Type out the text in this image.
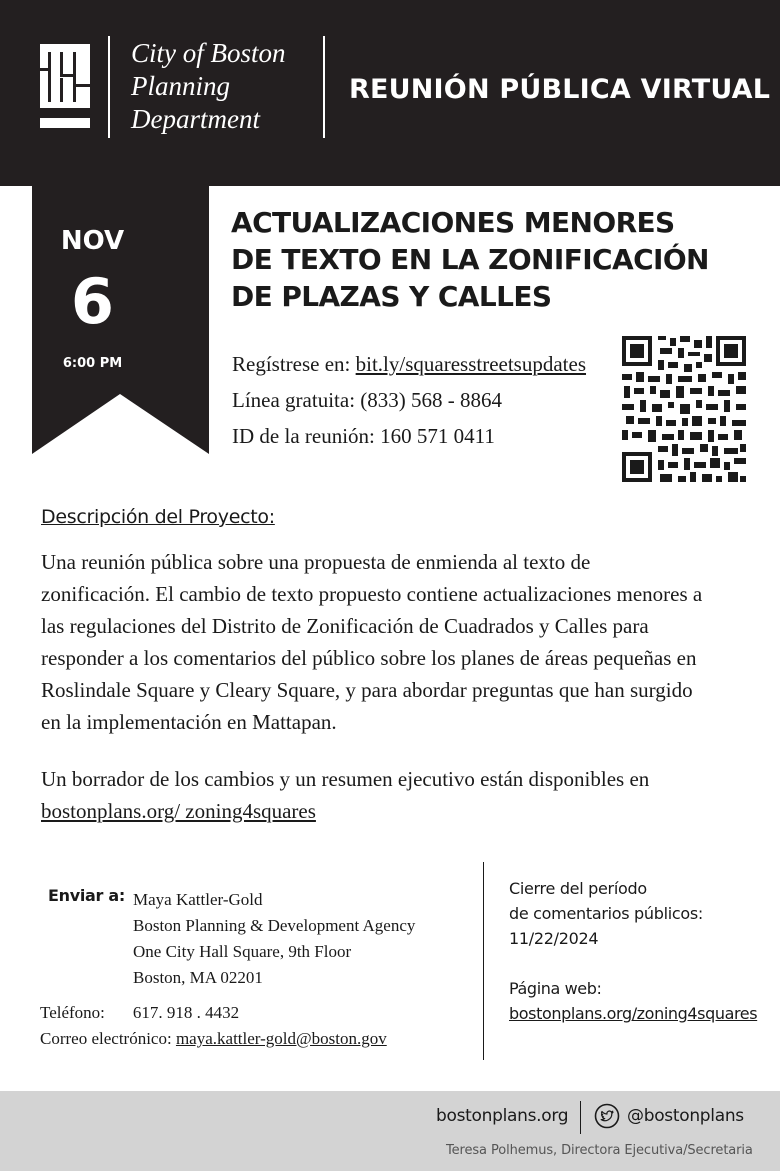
City of Boston
Planning
Department
REUNIÓN PÚBLICA VIRTUAL
NOV
6
6:00 PM
ACTUALIZACIONES MENORES
DE TEXTO EN LA ZONIFICACIÓN
DE PLAZAS Y CALLES
Regístrese en: bit.ly/squaresstreetsupdates
Línea gratuita: (833) 568 - 8864
ID de la reunión: 160 571 0411
Descripción del Proyecto:
Una reunión pública sobre una propuesta de enmienda al texto de
zonificación. El cambio de texto propuesto contiene actualizaciones menores a
las regulaciones del Distrito de Zonificación de Cuadrados y Calles para
responder a los comentarios del público sobre los planes de áreas pequeñas en
Roslindale Square y Cleary Square, y para abordar preguntas que han surgido
en la implementación en Mattapan.
Un borrador de los cambios y un resumen ejecutivo están disponibles en
bostonplans.org/ zoning4squares
Enviar a: Maya Kattler-Gold
Boston Planning & Development Agency
One City Hall Square, 9th Floor
Boston, MA 02201
Teléfono: 617. 918 . 4432
Correo electrónico: maya.kattler-gold@boston.gov
Cierre del período
de comentarios públicos:
11/22/2024
Página web:
bostonplans.org/zoning4squares
bostonplans.org	@bostonplans
Teresa Polhemus, Directora Ejecutiva/Secretaria
